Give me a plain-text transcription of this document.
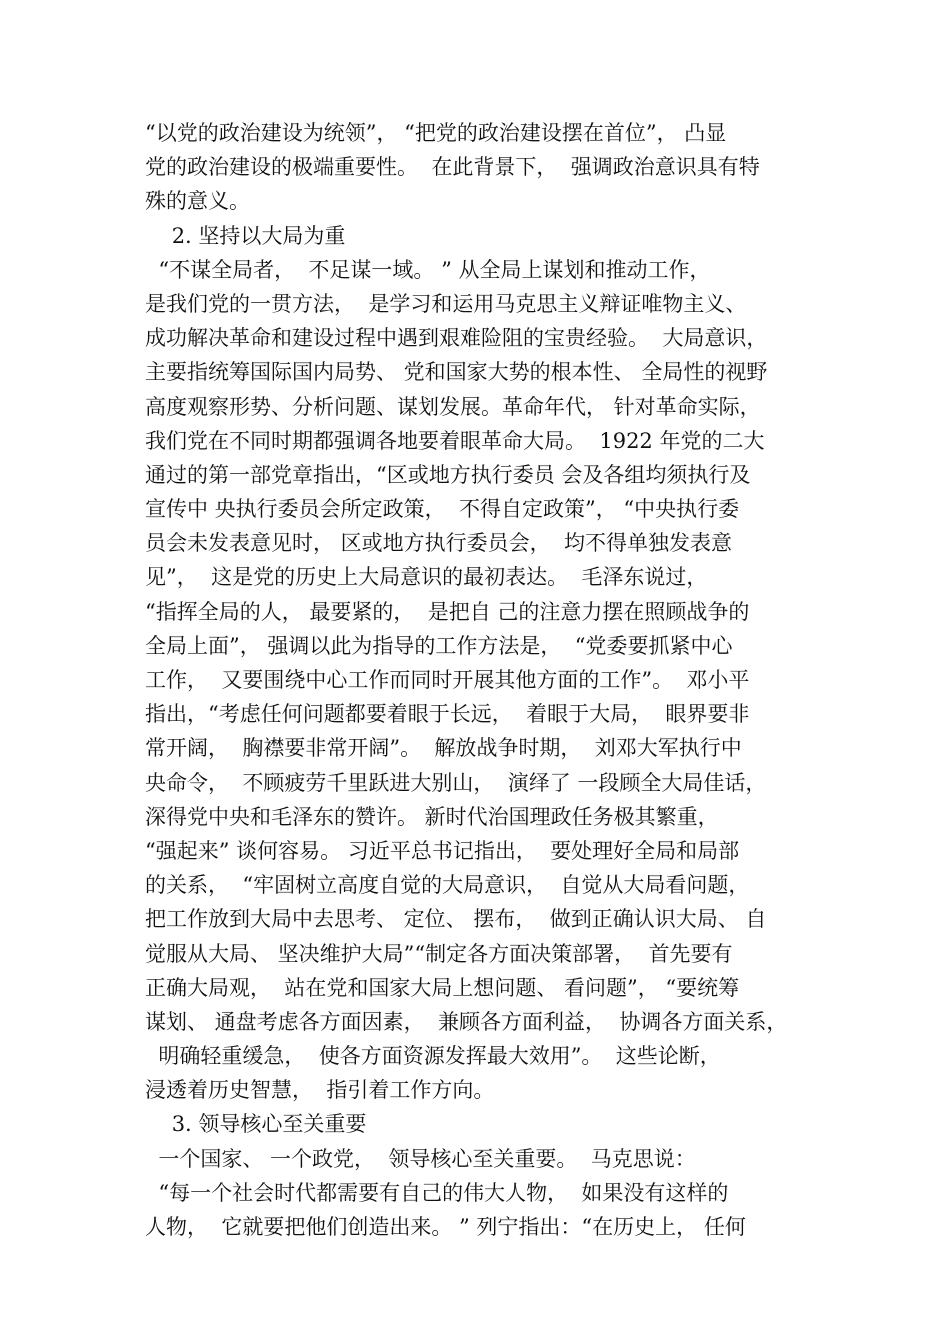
“以党的政治建设为统领”， “把党的政治建设摆在首位”， 凸显
党的政治建设的极端重要性。  在此背景下，  强调政治意识具有特
殊的意义。
2. 坚持以大局为重
“不谋全局者，  不足谋一域。 ” 从全局上谋划和推动工作，
是我们党的一贯方法，  是学习和运用马克思主义辩证唯物主义、
成功解决革命和建设过程中遇到艰难险阻的宝贵经验。  大局意识，
主要指统筹国际国内局势、 党和国家大势的根本性、 全局性的视野
高度观察形势、分析问题、谋划发展。革命年代， 针对革命实际，
我们党在不同时期都强调各地要着眼革命大局。  1922 年党的二大
通过的第一部党章指出，“区或地方执行委员 会及各组均须执行及
宣传中 央执行委员会所定政策，  不得自定政策”， “中央执行委
员会未发表意见时， 区或地方执行委员会，  均不得单独发表意
见”，  这是党的历史上大局意识的最初表达。  毛泽东说过，
“指挥全局的人， 最要紧的，  是把自 己的注意力摆在照顾战争的
全局上面”， 强调以此为指导的工作方法是，  “党委要抓紧中心
工作，  又要围绕中心工作而同时开展其他方面的工作”。  邓小平
指出，“考虑任何问题都要着眼于长远，  着眼于大局，  眼界要非
常开阔，  胸襟要非常开阔”。  解放战争时期，  刘邓大军执行中
央命令，  不顾疲劳千里跃进大别山，  演绎了 一段顾全大局佳话，
深得党中央和毛泽东的赞许。 新时代治国理政任务极其繁重，
“强起来” 谈何容易。 习近平总书记指出，  要处理好全局和局部
的关系，  “牢固树立高度自觉的大局意识，  自觉从大局看问题，
把工作放到大局中去思考、 定位、 摆布，  做到正确认识大局、 自
觉服从大局、 坚决维护大局”“制定各方面决策部署，  首先要有
正确大局观，  站在党和国家大局上想问题、 看问题”， “要统筹
谋划、 通盘考虑各方面因素，  兼顾各方面利益，  协调各方面关系，
明确轻重缓急，  使各方面资源发挥最大效用”。  这些论断，
浸透着历史智慧，  指引着工作方向。
3. 领导核心至关重要
一个国家、 一个政党，  领导核心至关重要。  马克思说：
“每一个社会时代都需要有自己的伟大人物，  如果没有这样的
人物，  它就要把他们创造出来。 ” 列宁指出：“在历史上， 任何
